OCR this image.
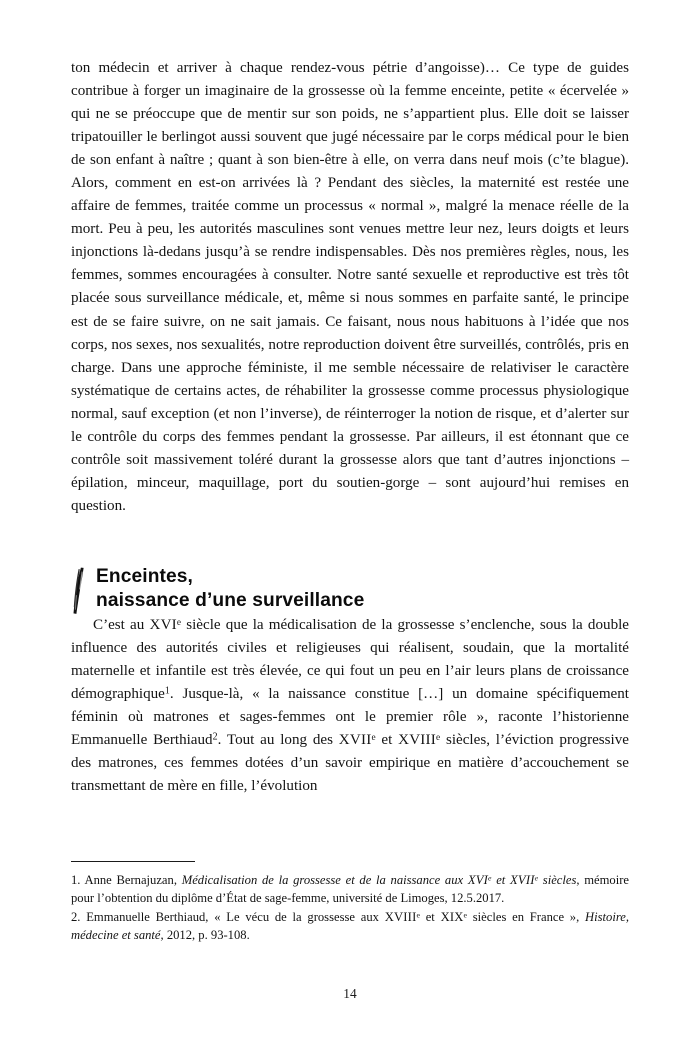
ton médecin et arriver à chaque rendez-vous pétrie d’angoisse)… Ce type de guides contribue à forger un imaginaire de la grossesse où la femme enceinte, petite « écervelée » qui ne se préoccupe que de mentir sur son poids, ne s’appartient plus. Elle doit se laisser tripatouiller le berlingot aussi souvent que jugé nécessaire par le corps médical pour le bien de son enfant à naître ; quant à son bien-être à elle, on verra dans neuf mois (c’te blague). Alors, comment en est-on arrivées là ? Pendant des siècles, la maternité est restée une affaire de femmes, traitée comme un processus « normal », malgré la menace réelle de la mort. Peu à peu, les autorités masculines sont venues mettre leur nez, leurs doigts et leurs injonctions là-dedans jusqu’à se rendre indispensables. Dès nos premières règles, nous, les femmes, sommes encouragées à consulter. Notre santé sexuelle et reproductive est très tôt placée sous surveillance médicale, et, même si nous sommes en parfaite santé, le principe est de se faire suivre, on ne sait jamais. Ce faisant, nous nous habituons à l’idée que nos corps, nos sexes, nos sexualités, notre reproduction doivent être surveillés, contrôlés, pris en charge. Dans une approche féministe, il me semble nécessaire de relativiser le caractère systématique de certains actes, de réhabiliter la grossesse comme processus physiologique normal, sauf exception (et non l’inverse), de réinterroger la notion de risque, et d’alerter sur le contrôle du corps des femmes pendant la grossesse. Par ailleurs, il est étonnant que ce contrôle soit massivement toléré durant la grossesse alors que tant d’autres injonctions – épilation, minceur, maquillage, port du soutien-gorge – sont aujourd’hui remises en question.

Enceintes,
naissance d’une surveillance

C’est au XVIe siècle que la médicalisation de la grossesse s’enclenche, sous la double influence des autorités civiles et religieuses qui réalisent, soudain, que la mortalité maternelle et infantile est très élevée, ce qui fout un peu en l’air leurs plans de croissance démographique$^1$. Jusque-là, « la naissance constitue […] un domaine spécifiquement féminin où matrones et sages-femmes ont le premier rôle », raconte l’historienne Emmanuelle Berthiaud$^2$. Tout au long des XVIIe et XVIIIe siècles, l’éviction progressive des matrones, ces femmes dotées d’un savoir empirique en matière d’accouchement se transmettant de mère en fille, l’évolution

1. Anne Bernajuzan, Médicalisation de la grossesse et de la naissance aux XVIe et XVIIe siècles, mémoire pour l’obtention du diplôme d’État de sage-femme, université de Limoges, 12.5.2017.

2. Emmanuelle Berthiaud, « Le vécu de la grossesse aux XVIIIe et XIXe siècles en France », Histoire, médecine et santé, 2012, p. 93-108.

14
